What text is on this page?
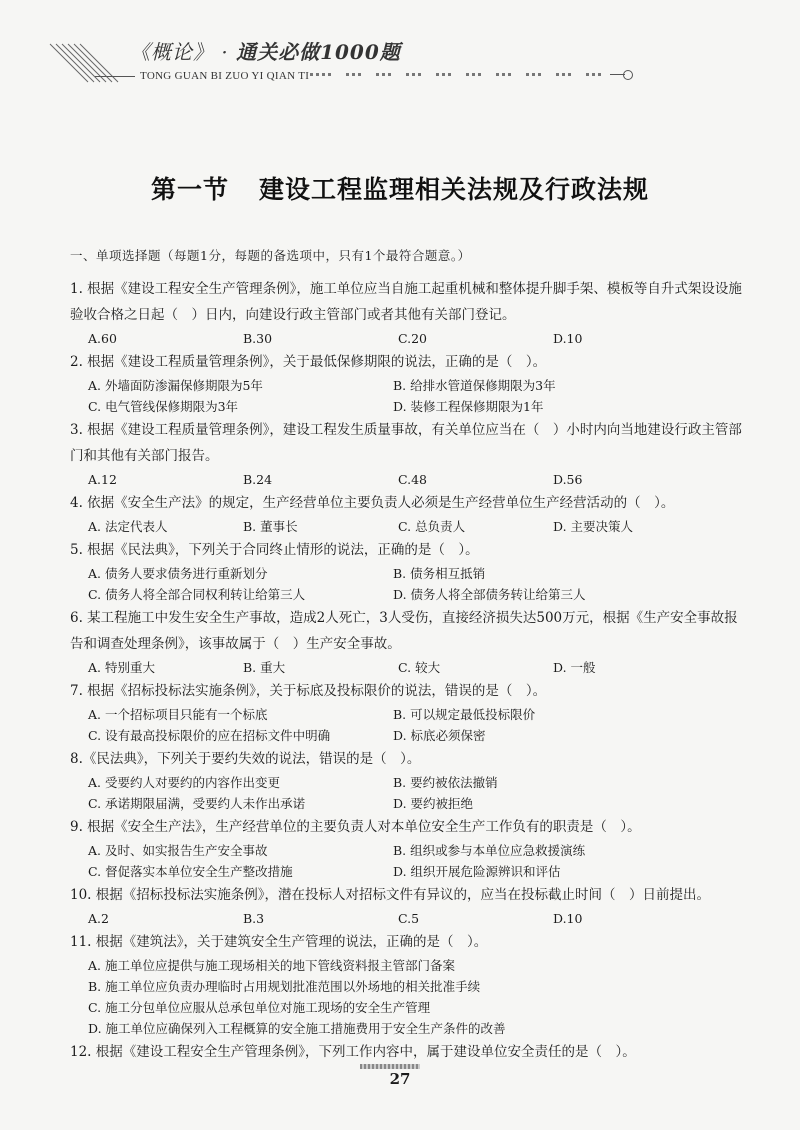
《概论》 · 通关必做1000题
TONG GUAN BI ZUO YI QIAN TI
第一节 建设工程监理相关法规及行政法规
一、单项选择题（每题1分，每题的备选项中，只有1个最符合题意。）

1. 根据《建设工程安全生产管理条例》，施工单位应当自施工起重机械和整体提升脚手架、模板等自升式架设设施验收合格之日起（　）日内，向建设行政主管部门或者其他有关部门登记。

A.60	B.30	C.20	D.10

2. 根据《建设工程质量管理条例》，关于最低保修期限的说法，正确的是（　）。

A. 外墙面防渗漏保修期限为5年	B. 给排水管道保修期限为3年
C. 电气管线保修期限为3年	D. 装修工程保修期限为1年

3. 根据《建设工程质量管理条例》，建设工程发生质量事故，有关单位应当在（　）小时内向当地建设行政主管部门和其他有关部门报告。

A.12	B.24	C.48	D.56

4. 依据《安全生产法》的规定，生产经营单位主要负责人必须是生产经营单位生产经营活动的（　）。

A. 法定代表人	B. 董事长	C. 总负责人	D. 主要决策人

5. 根据《民法典》，下列关于合同终止情形的说法，正确的是（　）。

A. 债务人要求债务进行重新划分	B. 债务相互抵销
C. 债务人将全部合同权利转让给第三人	D. 债务人将全部债务转让给第三人

6. 某工程施工中发生安全生产事故，造成2人死亡，3人受伤，直接经济损失达500万元，根据《生产安全事故报告和调查处理条例》，该事故属于（　）生产安全事故。

A. 特别重大	B. 重大	C. 较大	D. 一般

7. 根据《招标投标法实施条例》，关于标底及投标限价的说法，错误的是（　）。

A. 一个招标项目只能有一个标底	B. 可以规定最低投标限价
C. 设有最高投标限价的应在招标文件中明确	D. 标底必须保密

8.《民法典》，下列关于要约失效的说法，错误的是（　）。

A. 受要约人对要约的内容作出变更	B. 要约被依法撤销
C. 承诺期限届满，受要约人未作出承诺	D. 要约被拒绝

9. 根据《安全生产法》，生产经营单位的主要负责人对本单位安全生产工作负有的职责是（　）。

A. 及时、如实报告生产安全事故	B. 组织或参与本单位应急救援演练
C. 督促落实本单位安全生产整改措施	D. 组织开展危险源辨识和评估

10. 根据《招标投标法实施条例》，潜在投标人对招标文件有异议的，应当在投标截止时间（　）日前提出。

A.2	B.3	C.5	D.10

11. 根据《建筑法》，关于建筑安全生产管理的说法，正确的是（　）。

A. 施工单位应提供与施工现场相关的地下管线资料报主管部门备案
B. 施工单位应负责办理临时占用规划批准范围以外场地的相关批准手续
C. 施工分包单位应服从总承包单位对施工现场的安全生产管理
D. 施工单位应确保列入工程概算的安全施工措施费用于安全生产条件的改善

12. 根据《建设工程安全生产管理条例》，下列工作内容中，属于建设单位安全责任的是（　）。

27
